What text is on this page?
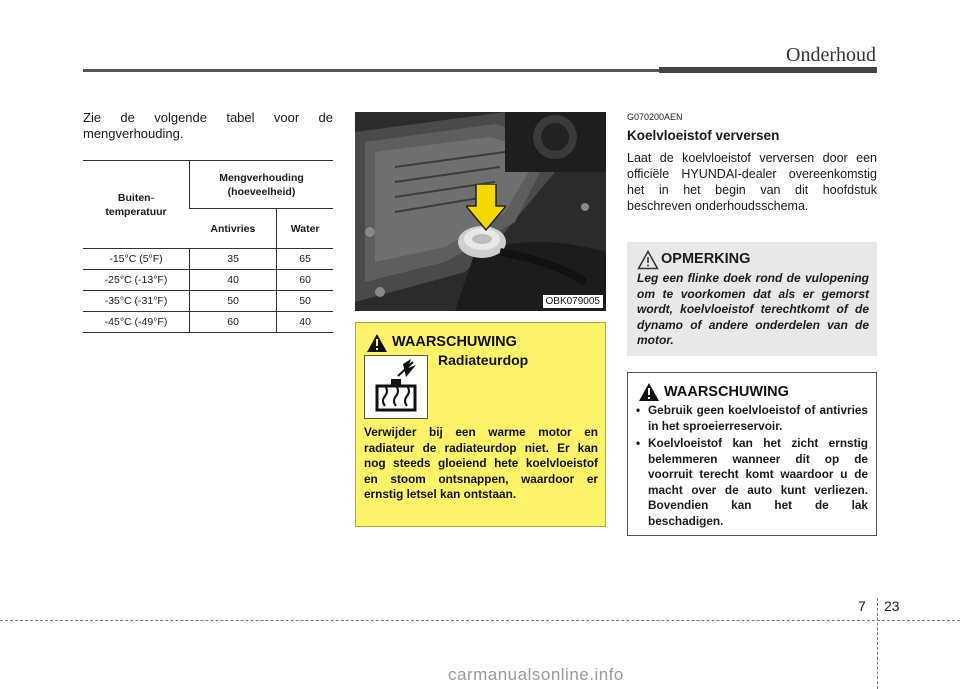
Onderhoud
Zie de volgende tabel voor de mengverhouding.
Buiten-
temperatuur	Mengverhouding
(hoeveelheid)	
	Antivries	Water
-15°C (5°F)	35	65
-25°C (-13°F)	40	60
-35°C (-31°F)	50	50
-45°C (-49°F)	60	40
OBK079005
WAARSCHUWING
Radiateurdop
Verwijder bij een warme motor en radiateur de radiateurdop niet. Er kan nog steeds gloeiend hete koelvloeistof en stoom ontsnappen, waardoor er ernstig letsel kan ontstaan.
G070200AEN
Koelvloeistof verversen
Laat de koelvloeistof verversen door een officiële HYUNDAI-dealer overeenkomstig het in het begin van dit hoofdstuk beschreven onderhoudsschema.
OPMERKING
Leg een flinke doek rond de vulopening om te voorkomen dat als er gemorst wordt, koelvloeistof terechtkomt of de dynamo of andere onderdelen van de motor.
WAARSCHUWING
• Gebruik geen koelvloeistof of antivries in het sproeierreservoir.
• Koelvloeistof kan het zicht ernstig belemmeren wanneer dit op de voorruit terecht komt waardoor u de macht over de auto kunt verliezen. Bovendien kan het de lak beschadigen.
7 23
carmanualsonline.info
